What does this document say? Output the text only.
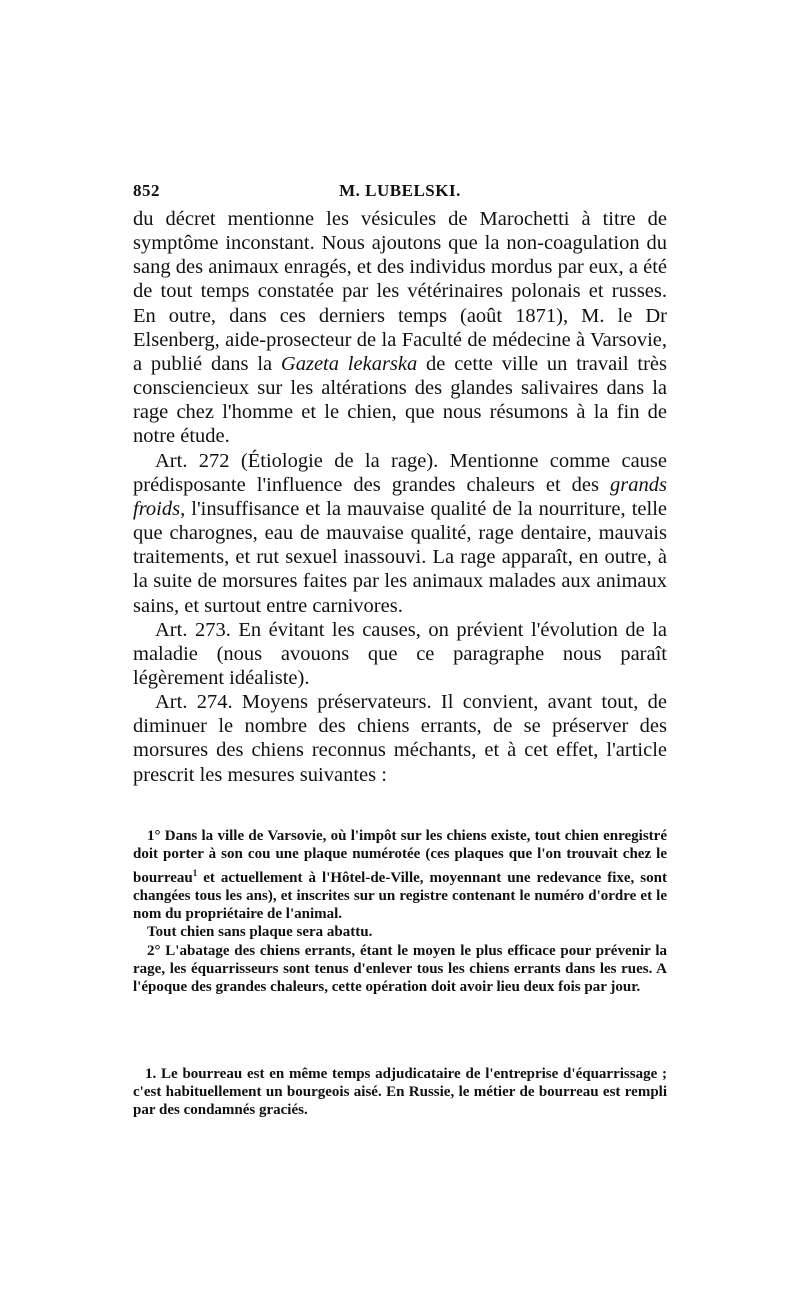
852	M. LUBELSKI.

du décret mentionne les vésicules de Marochetti à titre de symptôme inconstant. Nous ajoutons que la non-coagulation du sang des animaux enragés, et des individus mordus par eux, a été de tout temps constatée par les vétérinaires polonais et russes. En outre, dans ces derniers temps (août 1871), M. le Dr Elsenberg, aide-prosecteur de la Faculté de médecine à Varsovie, a publié dans la Gazeta lekarska de cette ville un travail très consciencieux sur les altérations des glandes salivaires dans la rage chez l'homme et le chien, que nous résumons à la fin de notre étude.

Art. 272 (Étiologie de la rage). Mentionne comme cause prédisposante l'influence des grandes chaleurs et des grands froids, l'insuffisance et la mauvaise qualité de la nourriture, telle que charognes, eau de mauvaise qualité, rage dentaire, mauvais traitements, et rut sexuel inassouvi. La rage apparaît, en outre, à la suite de morsures faites par les animaux malades aux animaux sains, et surtout entre carnivores.

Art. 273. En évitant les causes, on prévient l'évolution de la maladie (nous avouons que ce paragraphe nous paraît légèrement idéaliste).

Art. 274. Moyens préservateurs. Il convient, avant tout, de diminuer le nombre des chiens errants, de se préserver des morsures des chiens reconnus méchants, et à cet effet, l'article prescrit les mesures suivantes :

1° Dans la ville de Varsovie, où l'impôt sur les chiens existe, tout chien enregistré doit porter à son cou une plaque numérotée (ces plaques que l'on trouvait chez le bourreau$^1$ et actuellement à l'Hôtel-de-Ville, moyennant une redevance fixe, sont changées tous les ans), et inscrites sur un registre contenant le numéro d'ordre et le nom du propriétaire de l'animal.

Tout chien sans plaque sera abattu.

2° L'abatage des chiens errants, étant le moyen le plus efficace pour prévenir la rage, les équarrisseurs sont tenus d'enlever tous les chiens errants dans les rues. A l'époque des grandes chaleurs, cette opération doit avoir lieu deux fois par jour.

1. Le bourreau est en même temps adjudicataire de l'entreprise d'équarrissage ; c'est habituellement un bourgeois aisé. En Russie, le métier de bourreau est rempli par des condamnés graciés.
